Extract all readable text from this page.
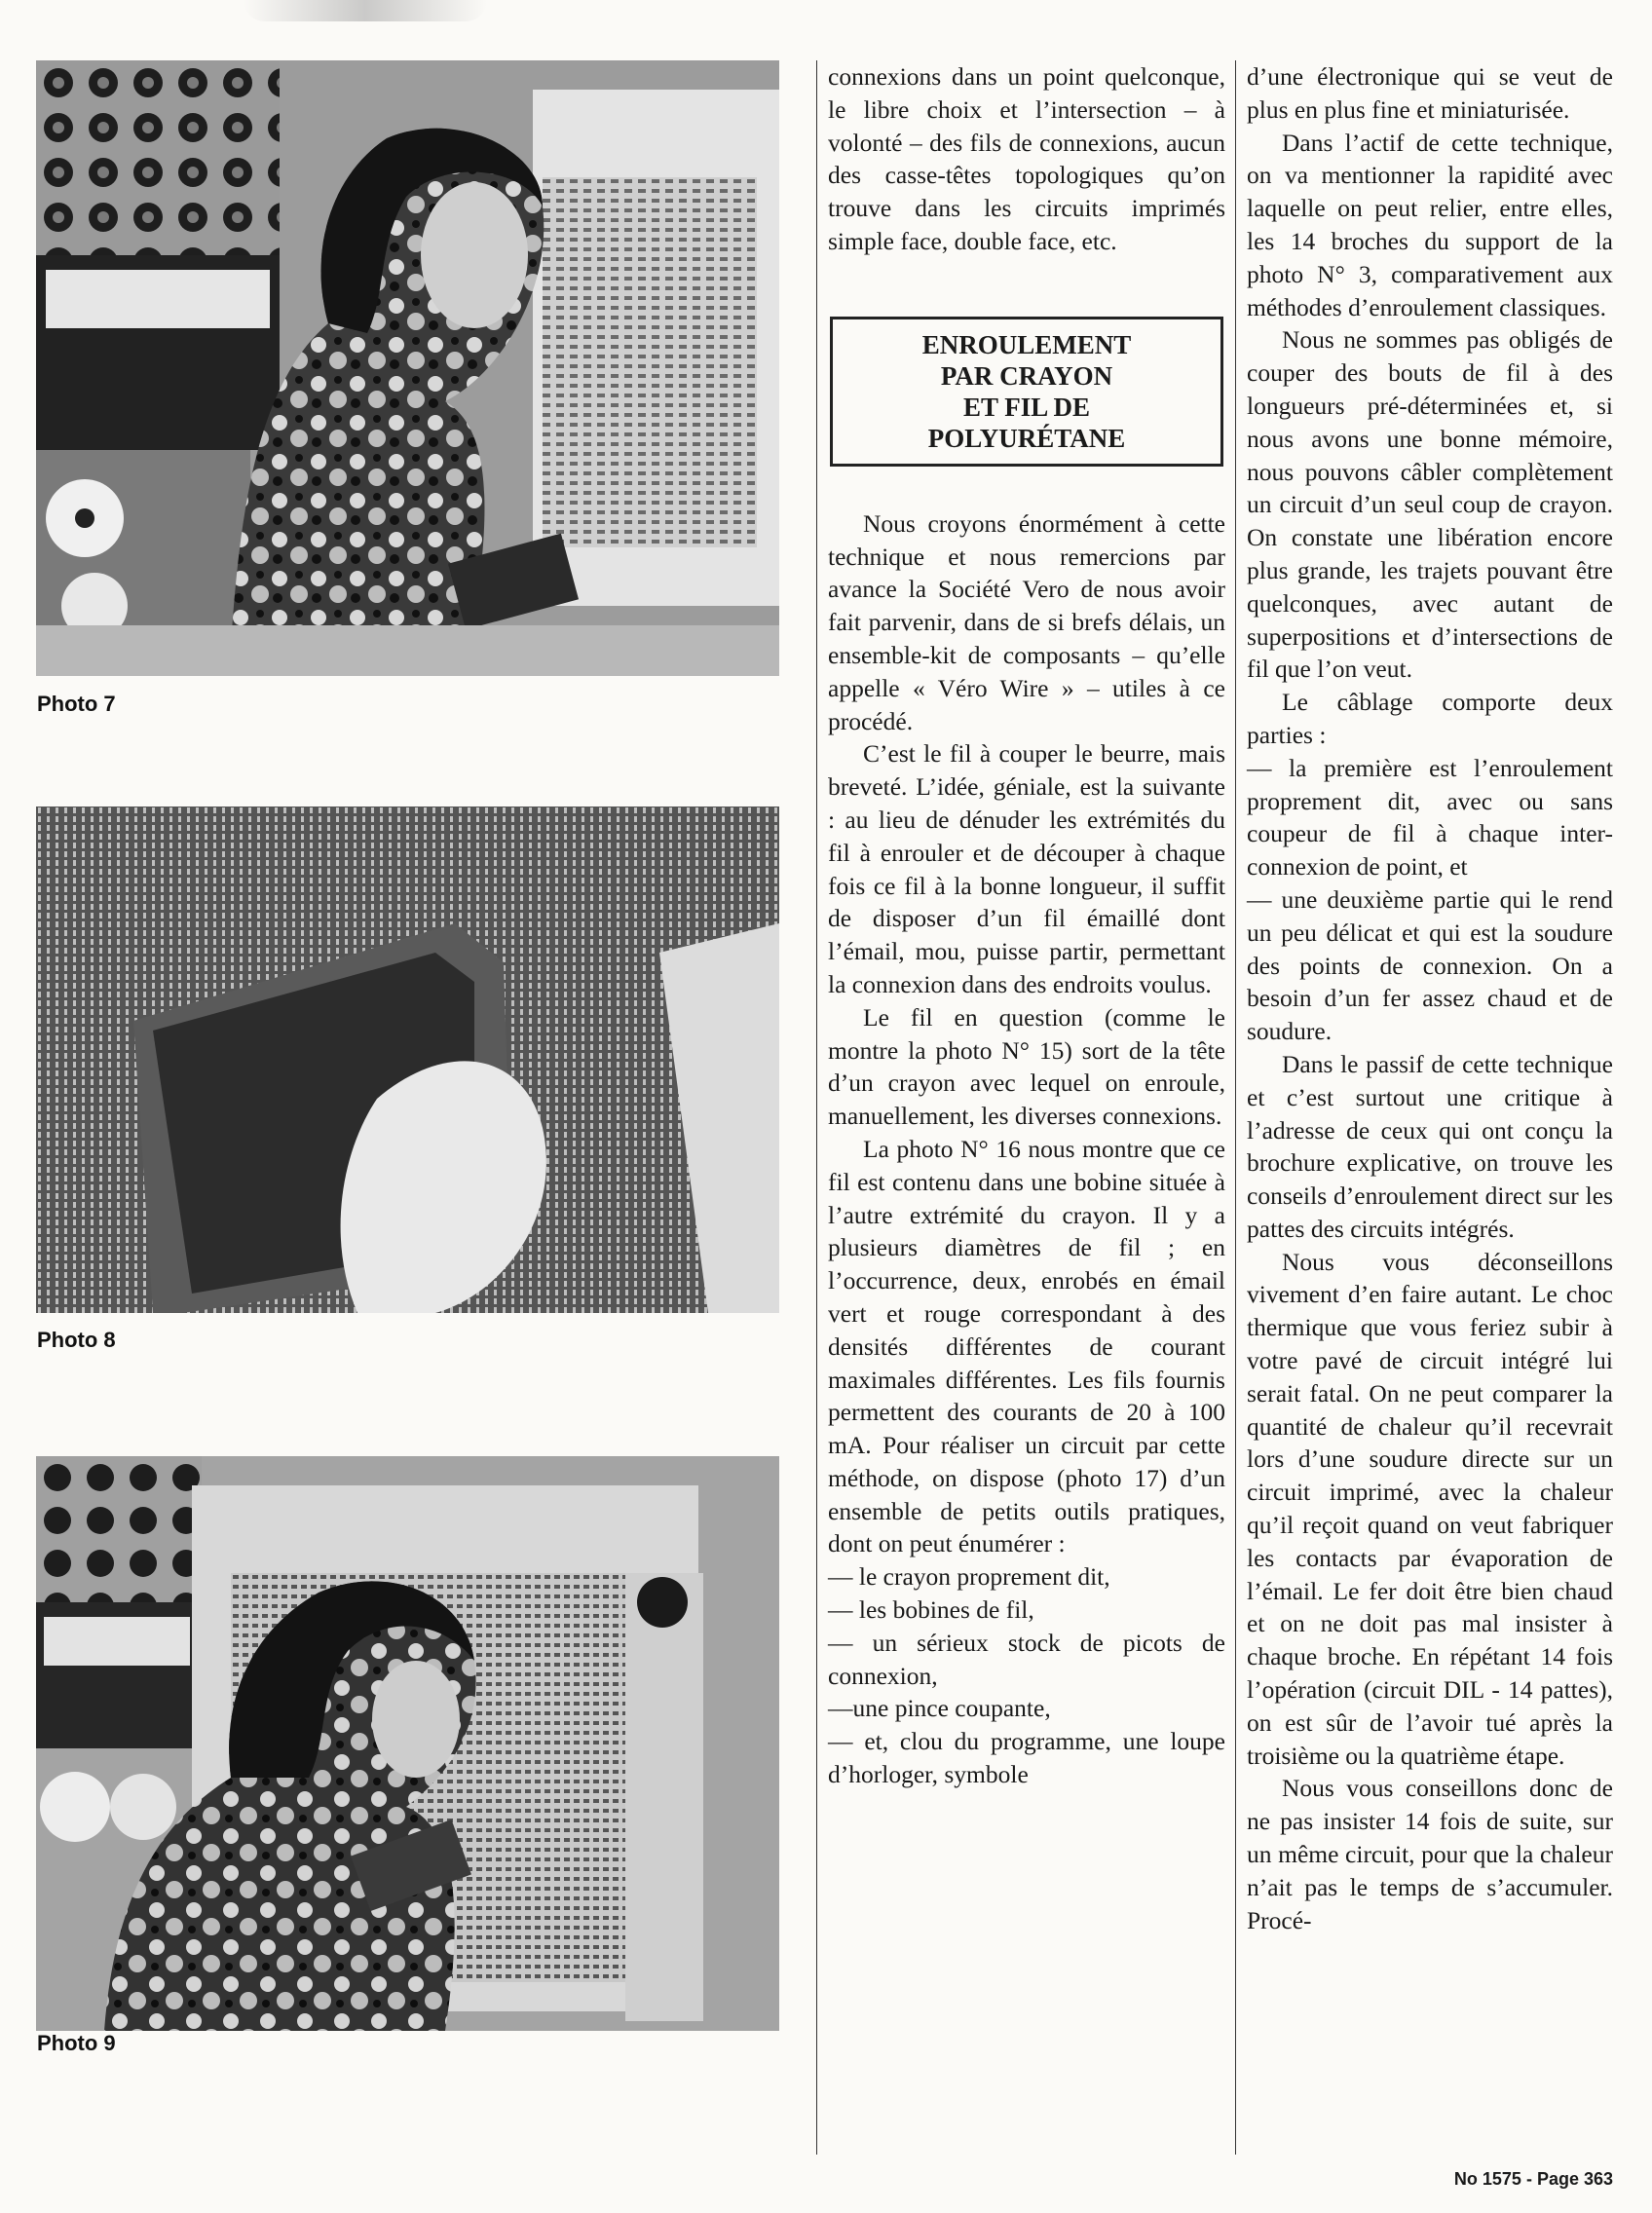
Photo 7
Photo 8
Photo 9

connexions dans un point quelconque, le libre choix et l’intersection – à volonté – des fils de connexions, aucun des casse-têtes topologiques qu’on trouve dans les circuits imprimés simple face, double face, etc.

ENROULEMENT
PAR CRAYON
ET FIL DE
POLYURÉTANE

Nous croyons énormément à cette technique et nous remercions par avance la Société Vero de nous avoir fait parvenir, dans de si brefs délais, un ensemble-kit de composants – qu’elle appelle « Véro Wire » – utiles à ce procédé.

C’est le fil à couper le beurre, mais breveté. L’idée, géniale, est la suivante : au lieu de dénuder les extrémités du fil à enrouler et de découper à chaque fois ce fil à la bonne longueur, il suffit de disposer d’un fil émaillé dont l’émail, mou, puisse partir, permettant la connexion dans des endroits voulus.

Le fil en question (comme le montre la photo N° 15) sort de la tête d’un crayon avec lequel on enroule, manuellement, les diverses connexions.

La photo N° 16 nous montre que ce fil est contenu dans une bobine située à l’autre extrémité du crayon. Il y a plusieurs diamètres de fil ; en l’occurrence, deux, enrobés en émail vert et rouge correspondant à des densités différentes de courant maximales différentes. Les fils fournis permettent des courants de 20 à 100 mA. Pour réaliser un circuit par cette méthode, on dispose (photo 17) d’un ensemble de petits outils pratiques, dont on peut énumérer :

— le crayon proprement dit,

— les bobines de fil,

— un sérieux stock de picots de connexion,

—une pince coupante,

— et, clou du programme, une loupe d’horloger, symbole

d’une électronique qui se veut de plus en plus fine et miniaturisée.

Dans l’actif de cette technique, on va mentionner la rapidité avec laquelle on peut relier, entre elles, les 14 broches du support de la photo N° 3, comparativement aux méthodes d’enroulement classiques.

Nous ne sommes pas obligés de couper des bouts de fil à des longueurs pré-déterminées et, si nous avons une bonne mémoire, nous pouvons câbler complètement un circuit d’un seul coup de crayon. On constate une libération encore plus grande, les trajets pouvant être quelconques, avec autant de superpositions et d’intersections de fil que l’on veut.

Le câblage comporte deux parties :

— la première est l’enroulement proprement dit, avec ou sans coupeur de fil à chaque inter-connexion de point, et

— une deuxième partie qui le rend un peu délicat et qui est la soudure des points de connexion. On a besoin d’un fer assez chaud et de soudure.

Dans le passif de cette technique et c’est surtout une critique à l’adresse de ceux qui ont conçu la brochure explicative, on trouve les conseils d’enroulement direct sur les pattes des circuits intégrés.

Nous vous déconseillons vivement d’en faire autant. Le choc thermique que vous feriez subir à votre pavé de circuit intégré lui serait fatal. On ne peut comparer la quantité de chaleur qu’il recevrait lors d’une soudure directe sur un circuit imprimé, avec la chaleur qu’il reçoit quand on veut fabriquer les contacts par évaporation de l’émail. Le fer doit être bien chaud et on ne doit pas mal insister à chaque broche. En répétant 14 fois l’opération (circuit DIL - 14 pattes), on est sûr de l’avoir tué après la troisième ou la quatrième étape.

Nous vous conseillons donc de ne pas insister 14 fois de suite, sur un même circuit, pour que la chaleur n’ait pas le temps de s’accumuler. Procé-

No 1575 - Page 363
